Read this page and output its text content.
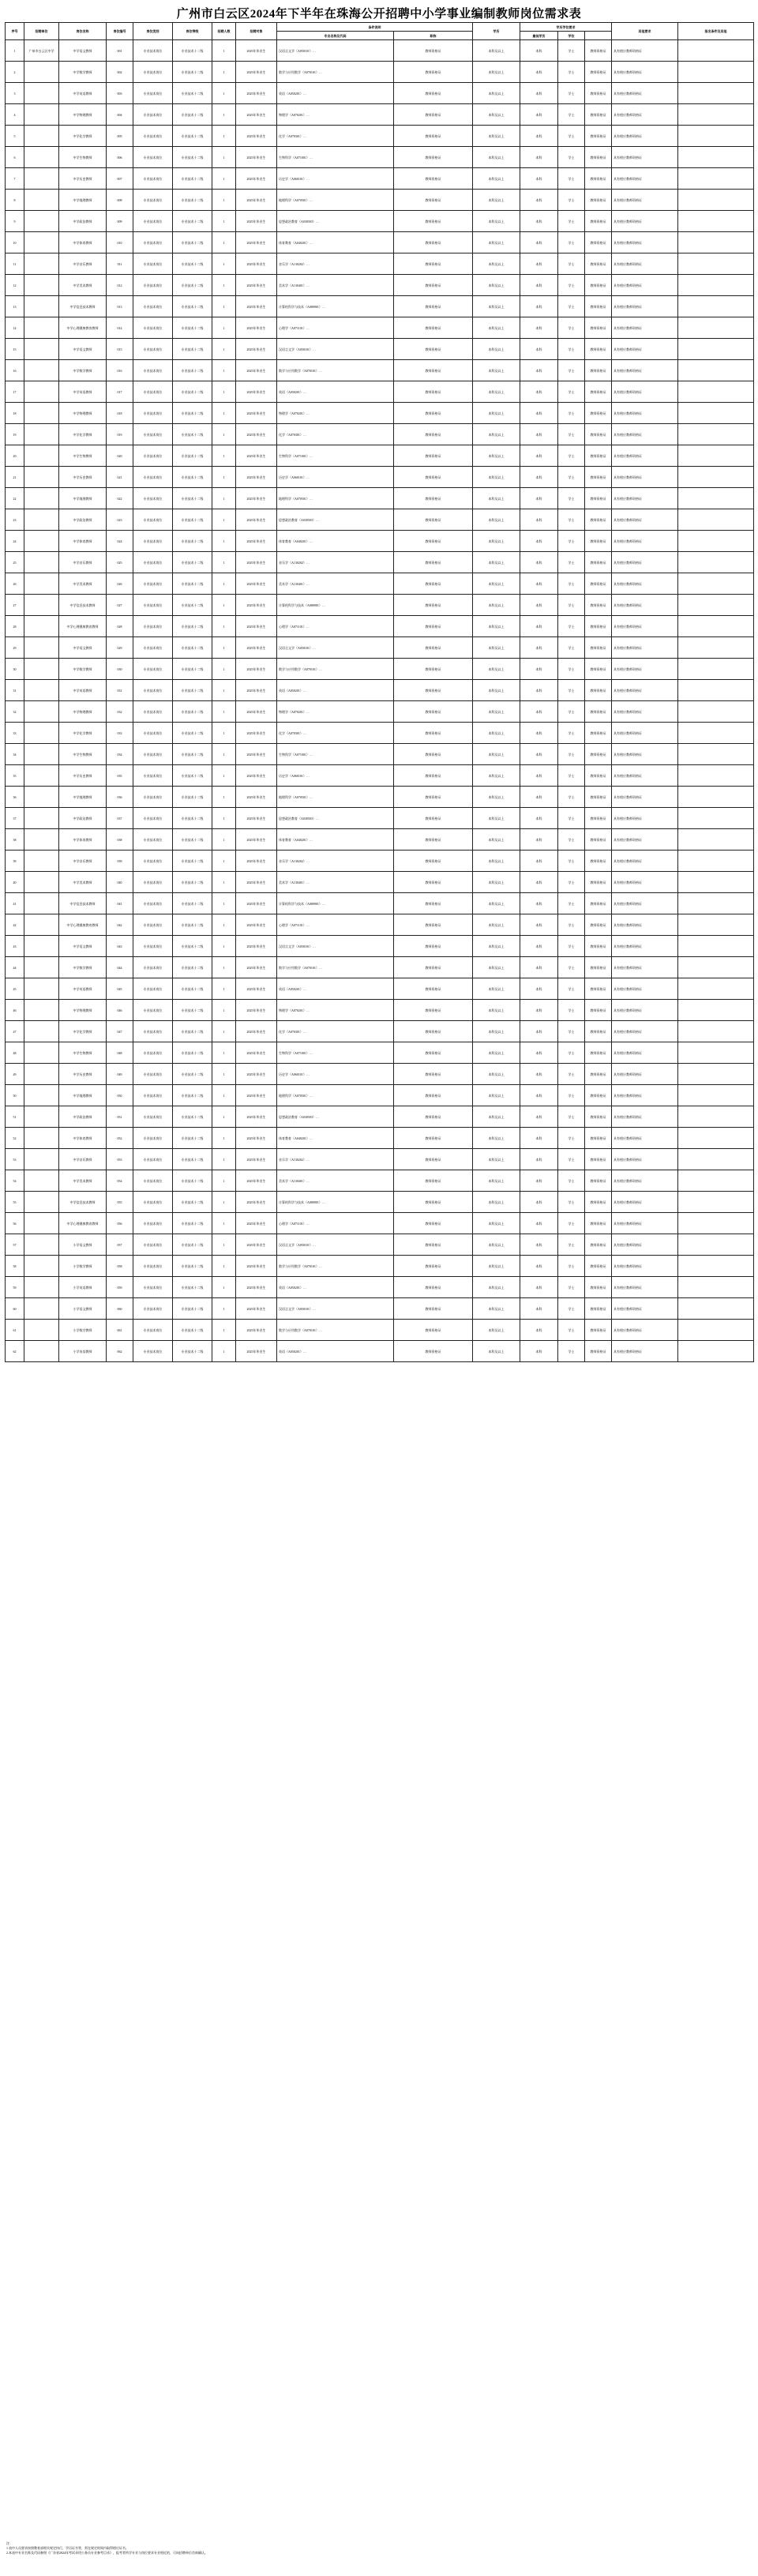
广州市白云区2024年下半年在珠海公开招聘中小学事业编制教师岗位需求表
序号	招聘单位	岗位名称	岗位编号	岗位类别	岗位等级	招聘人数	招聘对象	条件说明		学历	学历学位要求			其他要求	报名条件及其他
								专业名称及代码	职称		最低学历	学位			
1	广州市白云区中学	中学语文教师	001	专业技术岗位	专业技术十二级	1	2025年毕业生	汉语言文学（A050101）…	教师资格证	本科及以上	本科	学士	教师资格证	具有相应教师资格证	
2		中学数学教师	002	专业技术岗位	专业技术十二级	1	2025年毕业生	数学与应用数学（A070101）…	教师资格证	本科及以上	本科	学士	教师资格证	具有相应教师资格证	
3		中学英语教师	003	专业技术岗位	专业技术十二级	1	2025年毕业生	英语（A050201）…	教师资格证	本科及以上	本科	学士	教师资格证	具有相应教师资格证	
4		中学物理教师	004	专业技术岗位	专业技术十二级	1	2025年毕业生	物理学（A070201）…	教师资格证	本科及以上	本科	学士	教师资格证	具有相应教师资格证	
5		中学化学教师	005	专业技术岗位	专业技术十二级	1	2025年毕业生	化学（A070301）…	教师资格证	本科及以上	本科	学士	教师资格证	具有相应教师资格证	
6		中学生物教师	006	专业技术岗位	专业技术十二级	1	2025年毕业生	生物科学（A071001）…	教师资格证	本科及以上	本科	学士	教师资格证	具有相应教师资格证	
7		中学历史教师	007	专业技术岗位	专业技术十二级	1	2025年毕业生	历史学（A060101）…	教师资格证	本科及以上	本科	学士	教师资格证	具有相应教师资格证	
8		中学地理教师	008	专业技术岗位	专业技术十二级	1	2025年毕业生	地理科学（A070501）…	教师资格证	本科及以上	本科	学士	教师资格证	具有相应教师资格证	
9		中学政治教师	009	专业技术岗位	专业技术十二级	1	2025年毕业生	思想政治教育（A030503）…	教师资格证	本科及以上	本科	学士	教师资格证	具有相应教师资格证	
10		中学体育教师	010	专业技术岗位	专业技术十二级	1	2025年毕业生	体育教育（A040201）…	教师资格证	本科及以上	本科	学士	教师资格证	具有相应教师资格证	
11		中学音乐教师	011	专业技术岗位	专业技术十二级	1	2025年毕业生	音乐学（A130202）…	教师资格证	本科及以上	本科	学士	教师资格证	具有相应教师资格证	
12		中学美术教师	012	专业技术岗位	专业技术十二级	1	2025年毕业生	美术学（A130401）…	教师资格证	本科及以上	本科	学士	教师资格证	具有相应教师资格证	
13		中学信息技术教师	013	专业技术岗位	专业技术十二级	1	2025年毕业生	计算机科学与技术（A080901）…	教师资格证	本科及以上	本科	学士	教师资格证	具有相应教师资格证	
14		中学心理健康教育教师	014	专业技术岗位	专业技术十二级	1	2025年毕业生	心理学（A071101）…	教师资格证	本科及以上	本科	学士	教师资格证	具有相应教师资格证	
15		中学语文教师	015	专业技术岗位	专业技术十二级	1	2025年毕业生	汉语言文学（A050101）…	教师资格证	本科及以上	本科	学士	教师资格证	具有相应教师资格证	
16		中学数学教师	016	专业技术岗位	专业技术十二级	1	2025年毕业生	数学与应用数学（A070101）…	教师资格证	本科及以上	本科	学士	教师资格证	具有相应教师资格证	
17		中学英语教师	017	专业技术岗位	专业技术十二级	1	2025年毕业生	英语（A050201）…	教师资格证	本科及以上	本科	学士	教师资格证	具有相应教师资格证	
18		中学物理教师	018	专业技术岗位	专业技术十二级	1	2025年毕业生	物理学（A070201）…	教师资格证	本科及以上	本科	学士	教师资格证	具有相应教师资格证	
19		中学化学教师	019	专业技术岗位	专业技术十二级	1	2025年毕业生	化学（A070301）…	教师资格证	本科及以上	本科	学士	教师资格证	具有相应教师资格证	
20		中学生物教师	020	专业技术岗位	专业技术十二级	1	2025年毕业生	生物科学（A071001）…	教师资格证	本科及以上	本科	学士	教师资格证	具有相应教师资格证	
21		中学历史教师	021	专业技术岗位	专业技术十二级	1	2025年毕业生	历史学（A060101）…	教师资格证	本科及以上	本科	学士	教师资格证	具有相应教师资格证	
22		中学地理教师	022	专业技术岗位	专业技术十二级	1	2025年毕业生	地理科学（A070501）…	教师资格证	本科及以上	本科	学士	教师资格证	具有相应教师资格证	
23		中学政治教师	023	专业技术岗位	专业技术十二级	1	2025年毕业生	思想政治教育（A030503）…	教师资格证	本科及以上	本科	学士	教师资格证	具有相应教师资格证	
24		中学体育教师	024	专业技术岗位	专业技术十二级	1	2025年毕业生	体育教育（A040201）…	教师资格证	本科及以上	本科	学士	教师资格证	具有相应教师资格证	
25		中学音乐教师	025	专业技术岗位	专业技术十二级	1	2025年毕业生	音乐学（A130202）…	教师资格证	本科及以上	本科	学士	教师资格证	具有相应教师资格证	
26		中学美术教师	026	专业技术岗位	专业技术十二级	1	2025年毕业生	美术学（A130401）…	教师资格证	本科及以上	本科	学士	教师资格证	具有相应教师资格证	
27		中学信息技术教师	027	专业技术岗位	专业技术十二级	1	2025年毕业生	计算机科学与技术（A080901）…	教师资格证	本科及以上	本科	学士	教师资格证	具有相应教师资格证	
28		中学心理健康教育教师	028	专业技术岗位	专业技术十二级	1	2025年毕业生	心理学（A071101）…	教师资格证	本科及以上	本科	学士	教师资格证	具有相应教师资格证	
29		中学语文教师	029	专业技术岗位	专业技术十二级	1	2025年毕业生	汉语言文学（A050101）…	教师资格证	本科及以上	本科	学士	教师资格证	具有相应教师资格证	
30		中学数学教师	030	专业技术岗位	专业技术十二级	1	2025年毕业生	数学与应用数学（A070101）…	教师资格证	本科及以上	本科	学士	教师资格证	具有相应教师资格证	
31		中学英语教师	031	专业技术岗位	专业技术十二级	1	2025年毕业生	英语（A050201）…	教师资格证	本科及以上	本科	学士	教师资格证	具有相应教师资格证	
32		中学物理教师	032	专业技术岗位	专业技术十二级	1	2025年毕业生	物理学（A070201）…	教师资格证	本科及以上	本科	学士	教师资格证	具有相应教师资格证	
33		中学化学教师	033	专业技术岗位	专业技术十二级	1	2025年毕业生	化学（A070301）…	教师资格证	本科及以上	本科	学士	教师资格证	具有相应教师资格证	
34		中学生物教师	034	专业技术岗位	专业技术十二级	1	2025年毕业生	生物科学（A071001）…	教师资格证	本科及以上	本科	学士	教师资格证	具有相应教师资格证	
35		中学历史教师	035	专业技术岗位	专业技术十二级	1	2025年毕业生	历史学（A060101）…	教师资格证	本科及以上	本科	学士	教师资格证	具有相应教师资格证	
36		中学地理教师	036	专业技术岗位	专业技术十二级	1	2025年毕业生	地理科学（A070501）…	教师资格证	本科及以上	本科	学士	教师资格证	具有相应教师资格证	
37		中学政治教师	037	专业技术岗位	专业技术十二级	1	2025年毕业生	思想政治教育（A030503）…	教师资格证	本科及以上	本科	学士	教师资格证	具有相应教师资格证	
38		中学体育教师	038	专业技术岗位	专业技术十二级	1	2025年毕业生	体育教育（A040201）…	教师资格证	本科及以上	本科	学士	教师资格证	具有相应教师资格证	
39		中学音乐教师	039	专业技术岗位	专业技术十二级	1	2025年毕业生	音乐学（A130202）…	教师资格证	本科及以上	本科	学士	教师资格证	具有相应教师资格证	
40		中学美术教师	040	专业技术岗位	专业技术十二级	1	2025年毕业生	美术学（A130401）…	教师资格证	本科及以上	本科	学士	教师资格证	具有相应教师资格证	
41		中学信息技术教师	041	专业技术岗位	专业技术十二级	1	2025年毕业生	计算机科学与技术（A080901）…	教师资格证	本科及以上	本科	学士	教师资格证	具有相应教师资格证	
42		中学心理健康教育教师	042	专业技术岗位	专业技术十二级	1	2025年毕业生	心理学（A071101）…	教师资格证	本科及以上	本科	学士	教师资格证	具有相应教师资格证	
43		中学语文教师	043	专业技术岗位	专业技术十二级	1	2025年毕业生	汉语言文学（A050101）…	教师资格证	本科及以上	本科	学士	教师资格证	具有相应教师资格证	
44		中学数学教师	044	专业技术岗位	专业技术十二级	1	2025年毕业生	数学与应用数学（A070101）…	教师资格证	本科及以上	本科	学士	教师资格证	具有相应教师资格证	
45		中学英语教师	045	专业技术岗位	专业技术十二级	1	2025年毕业生	英语（A050201）…	教师资格证	本科及以上	本科	学士	教师资格证	具有相应教师资格证	
46		中学物理教师	046	专业技术岗位	专业技术十二级	1	2025年毕业生	物理学（A070201）…	教师资格证	本科及以上	本科	学士	教师资格证	具有相应教师资格证	
47		中学化学教师	047	专业技术岗位	专业技术十二级	1	2025年毕业生	化学（A070301）…	教师资格证	本科及以上	本科	学士	教师资格证	具有相应教师资格证	
48		中学生物教师	048	专业技术岗位	专业技术十二级	1	2025年毕业生	生物科学（A071001）…	教师资格证	本科及以上	本科	学士	教师资格证	具有相应教师资格证	
49		中学历史教师	049	专业技术岗位	专业技术十二级	1	2025年毕业生	历史学（A060101）…	教师资格证	本科及以上	本科	学士	教师资格证	具有相应教师资格证	
50		中学地理教师	050	专业技术岗位	专业技术十二级	1	2025年毕业生	地理科学（A070501）…	教师资格证	本科及以上	本科	学士	教师资格证	具有相应教师资格证	
51		中学政治教师	051	专业技术岗位	专业技术十二级	1	2025年毕业生	思想政治教育（A030503）…	教师资格证	本科及以上	本科	学士	教师资格证	具有相应教师资格证	
52		中学体育教师	052	专业技术岗位	专业技术十二级	1	2025年毕业生	体育教育（A040201）…	教师资格证	本科及以上	本科	学士	教师资格证	具有相应教师资格证	
53		中学音乐教师	053	专业技术岗位	专业技术十二级	1	2025年毕业生	音乐学（A130202）…	教师资格证	本科及以上	本科	学士	教师资格证	具有相应教师资格证	
54		中学美术教师	054	专业技术岗位	专业技术十二级	1	2025年毕业生	美术学（A130401）…	教师资格证	本科及以上	本科	学士	教师资格证	具有相应教师资格证	
55		中学信息技术教师	055	专业技术岗位	专业技术十二级	1	2025年毕业生	计算机科学与技术（A080901）…	教师资格证	本科及以上	本科	学士	教师资格证	具有相应教师资格证	
56		中学心理健康教育教师	056	专业技术岗位	专业技术十二级	1	2025年毕业生	心理学（A071101）…	教师资格证	本科及以上	本科	学士	教师资格证	具有相应教师资格证	
57		小学语文教师	057	专业技术岗位	专业技术十二级	1	2025年毕业生	汉语言文学（A050101）…	教师资格证	本科及以上	本科	学士	教师资格证	具有相应教师资格证	
58		小学数学教师	058	专业技术岗位	专业技术十二级	1	2025年毕业生	数学与应用数学（A070101）…	教师资格证	本科及以上	本科	学士	教师资格证	具有相应教师资格证	
59		小学英语教师	059	专业技术岗位	专业技术十二级	1	2025年毕业生	英语（A050201）…	教师资格证	本科及以上	本科	学士	教师资格证	具有相应教师资格证	
60		小学语文教师	060	专业技术岗位	专业技术十二级	1	2025年毕业生	汉语言文学（A050101）…	教师资格证	本科及以上	本科	学士	教师资格证	具有相应教师资格证	
61		小学数学教师	061	专业技术岗位	专业技术十二级	1	2025年毕业生	数学与应用数学（A070101）…	教师资格证	本科及以上	本科	学士	教师资格证	具有相应教师资格证	
62		小学英语教师	062	专业技术岗位	专业技术十二级	1	2025年毕业生	英语（A050201）…	教师资格证	本科及以上	本科	学士	教师资格证	具有相应教师资格证	
注：
1.表中人员要求按照教育部相关规定执行，学历证书等，须在规定时间内取得相应证书。
2.本表中专业名称及代码参照《广东省2024年考试录用公务员专业参考目录》，报考者所学专业与岗位要求专业相近的，可向招聘单位咨询确认。
